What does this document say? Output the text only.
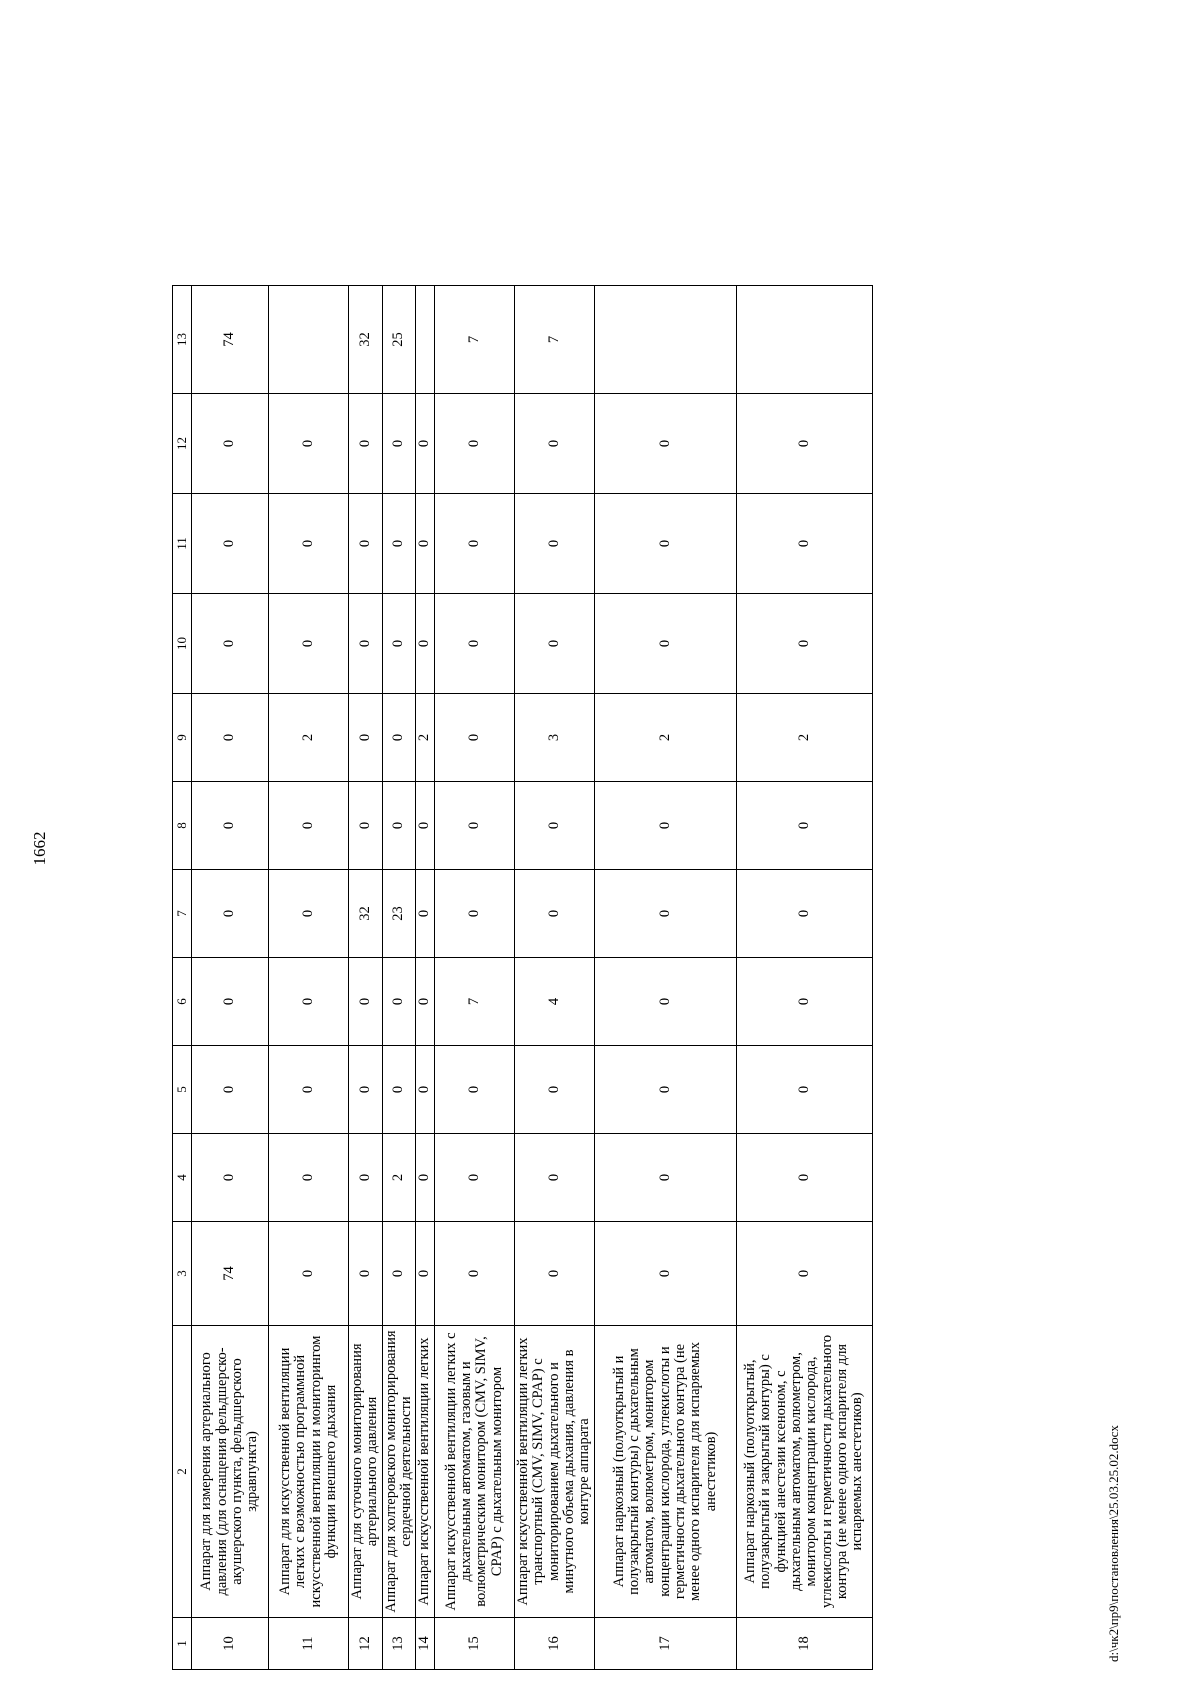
1662
1	2	3	4	5	6	7	8	9	10	11	12	13
10	Аппарат для измерения артериального давления (для оснащения фельдшерско-акушерского пункта, фельдшерского здравпункта)	74	0	0	0	0	0	0	0	0	0	74
11	Аппарат для искусственной вентиляции легких с возможностью программной искусственной вентиляции и мониторингом функции внешнего дыхания	0	0	0	0	0	0	2	0	0	0	
12	Аппарат для суточного мониторирования артериального давления	0	0	0	0	32	0	0	0	0	0	32
13	Аппарат для холтеровского мониторирования сердечной деятельности	0	2	0	0	23	0	0	0	0	0	25
14	Аппарат искусственной вентиляции легких	0	0	0	0	0	0	2	0	0	0	
15	Аппарат искусственной вентиляции легких с дыхательным автоматом, газовым и волюметрическим монитором (CMV, SIMV, CPAP) с дыхательным монитором	0	0	0	7	0	0	0	0	0	0	7
16	Аппарат искусственной вентиляции легких транспортный (CMV, SIMV, CPAP) с мониторированием дыхательного и минутного объема дыхания, давления в контуре аппарата	0	0	0	4	0	0	3	0	0	0	7
17	Аппарат наркозный (полуоткрытый и полузакрытый контуры) с дыхательным автоматом, волюметром, монитором концентрации кислорода, углекислоты и герметичности дыхательного контура (не менее одного испарителя для испаряемых анестетиков)	0	0	0	0	0	0	2	0	0	0	
18	Аппарат наркозный (полуоткрытый, полузакрытый и закрытый контуры) с функцией анестезии ксеноном, с дыхательным автоматом, волюметром, монитором концентрации кислорода, углекислоты и герметичности дыхательного контура (не менее одного испарителя для испаряемых анестетиков)	0	0	0	0	0	0	2	0	0	0	
d:\чк2\пр9\постановления\25.03.25.02.docx
